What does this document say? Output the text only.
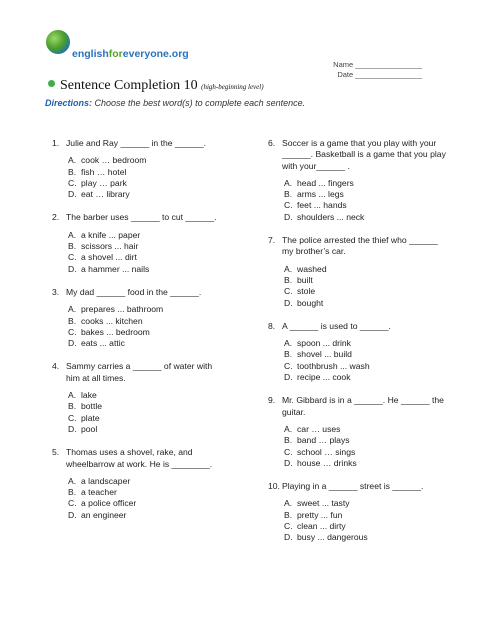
englishforeveryone.org
Name ________________
Date ________________
Sentence Completion 10 (high-beginning level)
Directions: Choose the best word(s) to complete each sentence.
1. Julie and Ray ______ in the ______.
A. cook … bedroom
B. fish … hotel
C. play … park
D. eat … library
2. The barber uses ______ to cut ______.
A. a knife ... paper
B. scissors ... hair
C. a shovel ... dirt
D. a hammer ... nails
3. My dad ______ food in the ______.
A. prepares ... bathroom
B. cooks ... kitchen
C. bakes ... bedroom
D. eats ... attic
4. Sammy carries a ______ of water with him at all times.
A. lake
B. bottle
C. plate
D. pool
5. Thomas uses a shovel, rake, and wheelbarrow at work. He is ________.
A. a landscaper
B. a teacher
C. a police officer
D. an engineer
6. Soccer is a game that you play with your ______. Basketball is a game that you play with your______ .
A. head ... fingers
B. arms ... legs
C. feet ... hands
D. shoulders ... neck
7. The police arrested the thief who ______ my brother’s car.
A. washed
B. built
C. stole
D. bought
8. A ______ is used to ______.
A. spoon ... drink
B. shovel ... build
C. toothbrush ... wash
D. recipe ... cook
9. Mr. Gibbard is in a ______. He ______ the guitar.
A. car … uses
B. band … plays
C. school … sings
D. house … drinks
10. Playing in a ______ street is ______.
A. sweet ... tasty
B. pretty ... fun
C. clean ... dirty
D. busy ... dangerous
